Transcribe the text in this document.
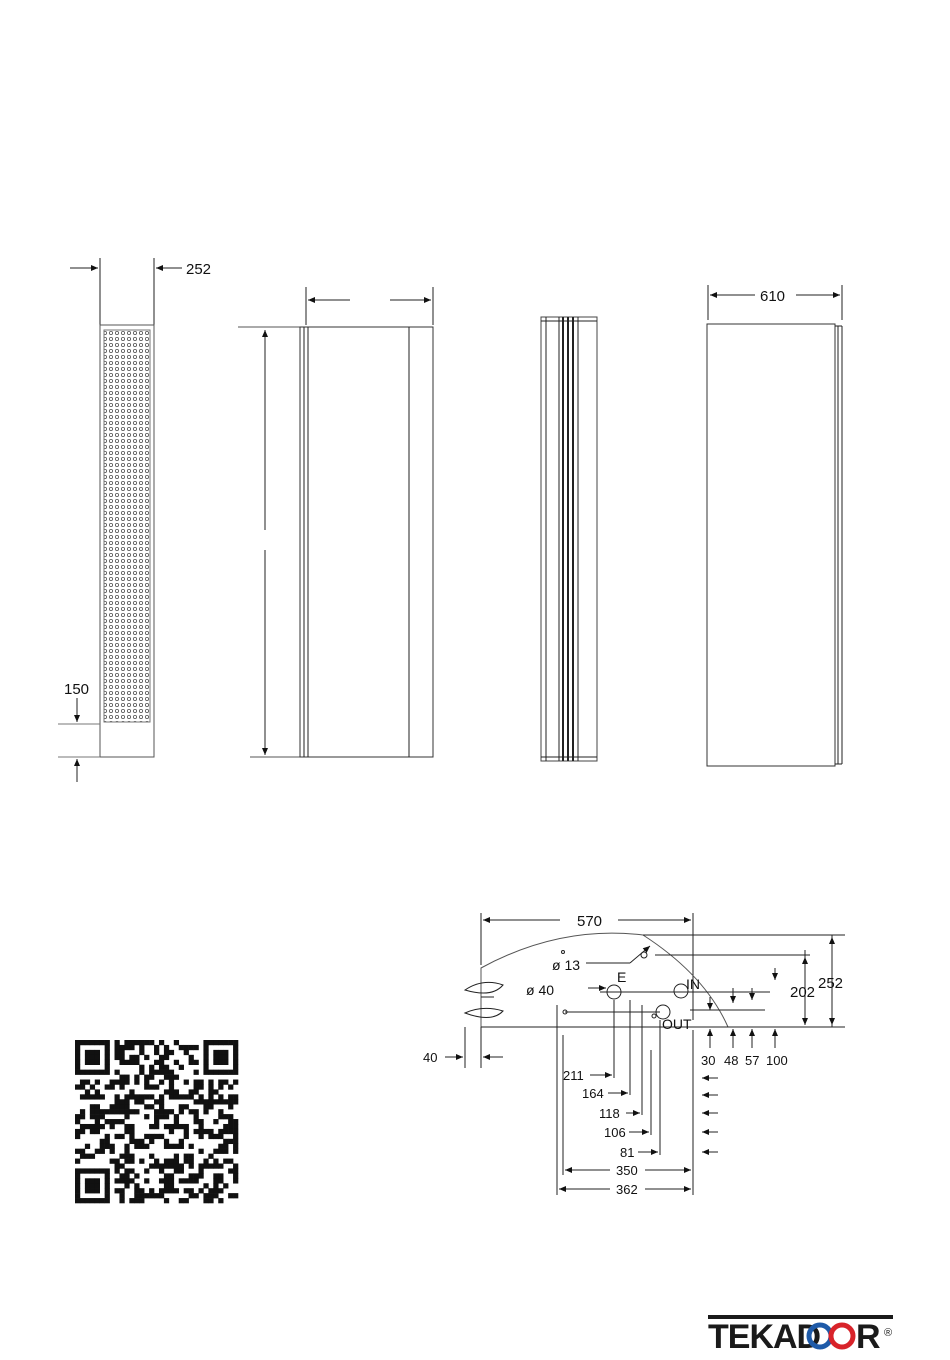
252
150
610
570
ø 13
ø 40
E	IN
OUT
202
252
40	30 48 57 100
211
164
118
106
81
350
362
TEKAD R ®
